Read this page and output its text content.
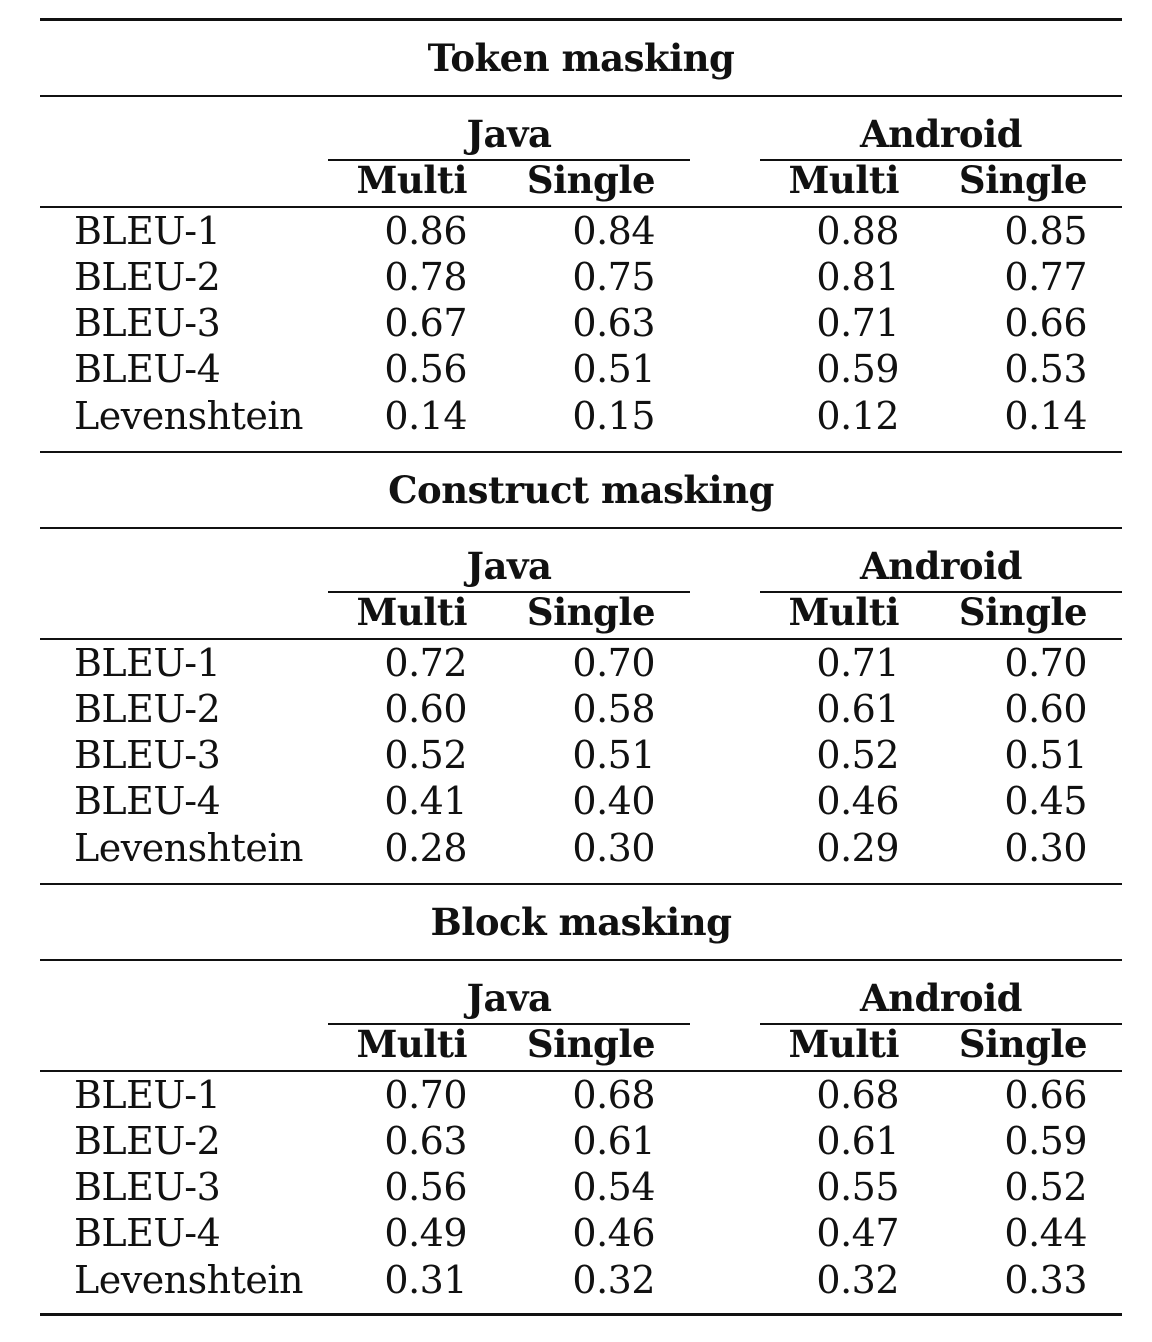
Token masking
Java	Android
Multi	Single	Multi	Single
BLEU-1	0.86	0.84	0.88	0.85
BLEU-2	0.78	0.75	0.81	0.77
BLEU-3	0.67	0.63	0.71	0.66
BLEU-4	0.56	0.51	0.59	0.53
Levenshtein	0.14	0.15	0.12	0.14
Construct masking
Java	Android
Multi	Single	Multi	Single
BLEU-1	0.72	0.70	0.71	0.70
BLEU-2	0.60	0.58	0.61	0.60
BLEU-3	0.52	0.51	0.52	0.51
BLEU-4	0.41	0.40	0.46	0.45
Levenshtein	0.28	0.30	0.29	0.30
Block masking
Java	Android
Multi	Single	Multi	Single
BLEU-1	0.70	0.68	0.68	0.66
BLEU-2	0.63	0.61	0.61	0.59
BLEU-3	0.56	0.54	0.55	0.52
BLEU-4	0.49	0.46	0.47	0.44
Levenshtein	0.31	0.32	0.32	0.33
